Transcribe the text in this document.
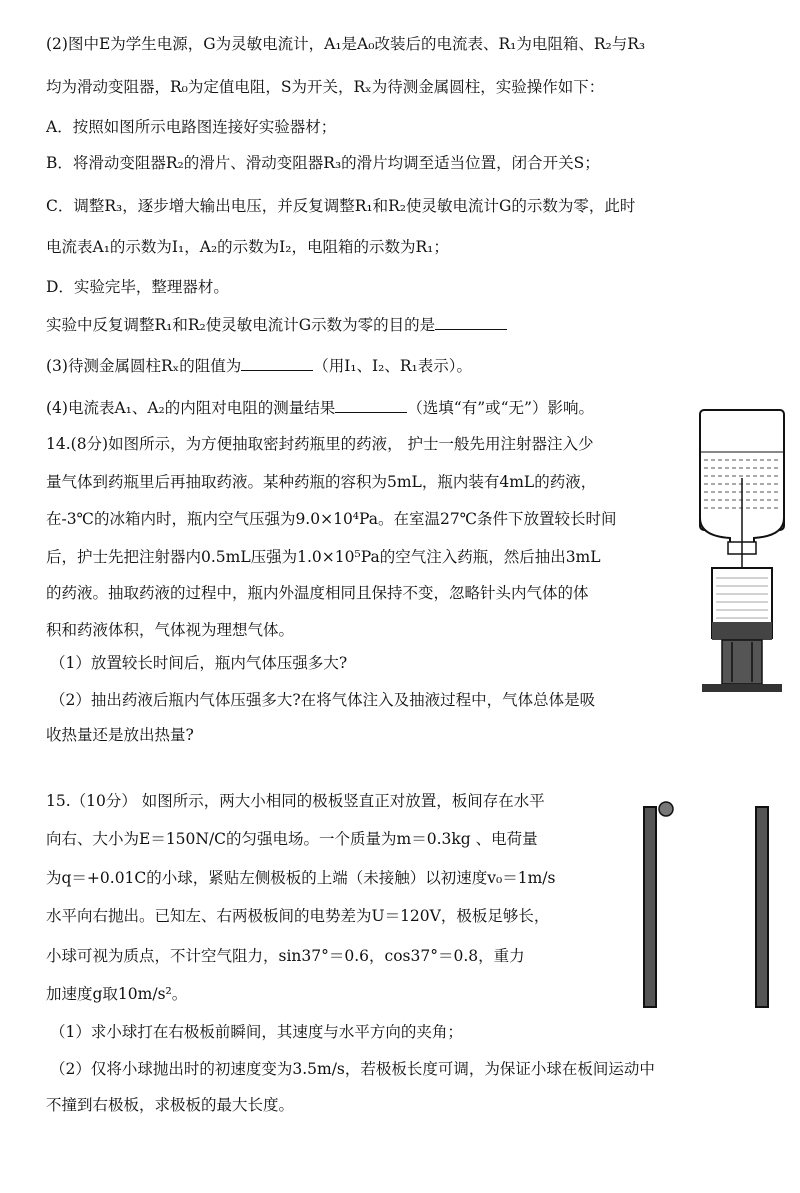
(2)图中E为学生电源，G为灵敏电流计，A₁是A₀改装后的电流表、R₁为电阻箱、R₂与R₃
均为滑动变阻器，R₀为定值电阻，S为开关，Rₓ为待测金属圆柱，实验操作如下：
A．按照如图所示电路图连接好实验器材；
B．将滑动变阻器R₂的滑片、滑动变阻器R₃的滑片均调至适当位置，闭合开关S；
C．调整R₃，逐步增大输出电压，并反复调整R₁和R₂使灵敏电流计G的示数为零，此时
电流表A₁的示数为I₁，A₂的示数为I₂，电阻箱的示数为R₁；
D．实验完毕，整理器材。
实验中反复调整R₁和R₂使灵敏电流计G示数为零的目的是
(3)待测金属圆柱Rₓ的阻值为	（用I₁、I₂、R₁表示）。
(4)电流表A₁、A₂的内阻对电阻的测量结果	（选填“有”或“无”）影响。
14.(8分)如图所示，为方便抽取密封药瓶里的药液， 护士一般先用注射器注入少
量气体到药瓶里后再抽取药液。某种药瓶的容积为5mL，瓶内装有4mL的药液，
在-3℃的冰箱内时，瓶内空气压强为9.0×10⁴Pa。在室温27℃条件下放置较长时间
后，护士先把注射器内0.5mL压强为1.0×10⁵Pa的空气注入药瓶，然后抽出3mL
的药液。抽取药液的过程中，瓶内外温度相同且保持不变，忽略针头内气体的体
积和药液体积，气体视为理想气体。
（1）放置较长时间后，瓶内气体压强多大?
（2）抽出药液后瓶内气体压强多大?在将气体注入及抽液过程中，气体总体是吸
收热量还是放出热量?
15.（10分） 如图所示，两大小相同的极板竖直正对放置，板间存在水平
向右、大小为E＝150N/C的匀强电场。一个质量为m＝0.3kg 、电荷量
为q＝+0.01C的小球，紧贴左侧极板的上端（未接触）以初速度v₀＝1m/s
水平向右抛出。已知左、右两极板间的电势差为U＝120V，极板足够长，
小球可视为质点，不计空气阻力，sin37°＝0.6，cos37°＝0.8，重力
加速度g取10m/s²。
（1）求小球打在右极板前瞬间，其速度与水平方向的夹角；
（2）仅将小球抛出时的初速度变为3.5m/s，若极板长度可调，为保证小球在板间运动中
不撞到右极板，求极板的最大长度。
